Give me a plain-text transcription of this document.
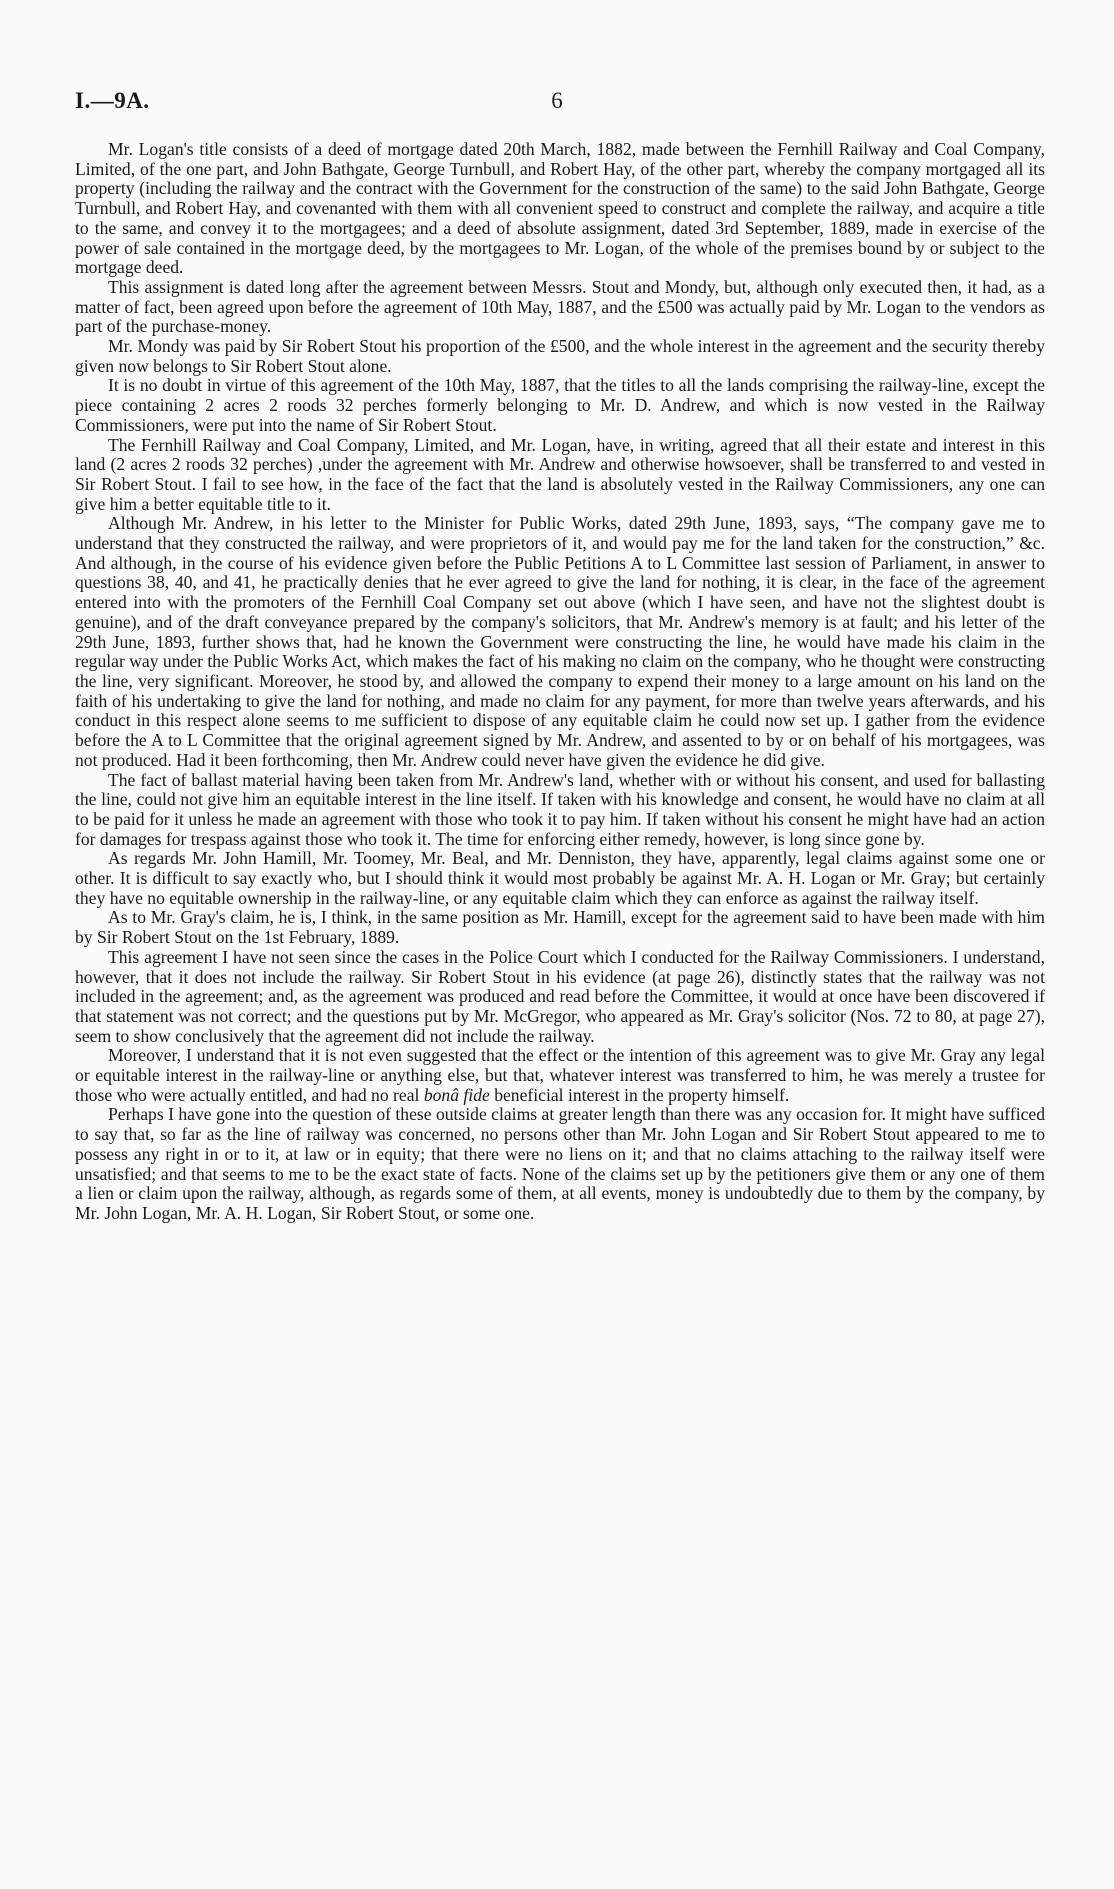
I.—9A.	6

Mr. Logan's title consists of a deed of mortgage dated 20th March, 1882, made between the Fernhill Railway and Coal Company, Limited, of the one part, and John Bathgate, George Turnbull, and Robert Hay, of the other part, whereby the company mortgaged all its property (including the railway and the contract with the Government for the construction of the same) to the said John Bathgate, George Turnbull, and Robert Hay, and covenanted with them with all convenient speed to construct and complete the railway, and acquire a title to the same, and convey it to the mortgagees; and a deed of absolute assignment, dated 3rd September, 1889, made in exercise of the power of sale contained in the mortgage deed, by the mortgagees to Mr. Logan, of the whole of the premises bound by or subject to the mortgage deed.

This assignment is dated long after the agreement between Messrs. Stout and Mondy, but, although only executed then, it had, as a matter of fact, been agreed upon before the agreement of 10th May, 1887, and the £500 was actually paid by Mr. Logan to the vendors as part of the purchase-money.

Mr. Mondy was paid by Sir Robert Stout his proportion of the £500, and the whole interest in the agreement and the security thereby given now belongs to Sir Robert Stout alone.

It is no doubt in virtue of this agreement of the 10th May, 1887, that the titles to all the lands comprising the railway-line, except the piece containing 2 acres 2 roods 32 perches formerly belonging to Mr. D. Andrew, and which is now vested in the Railway Commissioners, were put into the name of Sir Robert Stout.

The Fernhill Railway and Coal Company, Limited, and Mr. Logan, have, in writing, agreed that all their estate and interest in this land (2 acres 2 roods 32 perches) ,under the agreement with Mr. Andrew and otherwise howsoever, shall be transferred to and vested in Sir Robert Stout. I fail to see how, in the face of the fact that the land is absolutely vested in the Railway Commissioners, any one can give him a better equitable title to it.

Although Mr. Andrew, in his letter to the Minister for Public Works, dated 29th June, 1893, says, “The company gave me to understand that they constructed the railway, and were proprietors of it, and would pay me for the land taken for the construction,” &c. And although, in the course of his evidence given before the Public Petitions A to L Committee last session of Parliament, in answer to questions 38, 40, and 41, he practically denies that he ever agreed to give the land for nothing, it is clear, in the face of the agreement entered into with the promoters of the Fernhill Coal Company set out above (which I have seen, and have not the slightest doubt is genuine), and of the draft conveyance prepared by the company's solicitors, that Mr. Andrew's memory is at fault; and his letter of the 29th June, 1893, further shows that, had he known the Government were constructing the line, he would have made his claim in the regular way under the Public Works Act, which makes the fact of his making no claim on the company, who he thought were constructing the line, very significant. Moreover, he stood by, and allowed the company to expend their money to a large amount on his land on the faith of his undertaking to give the land for nothing, and made no claim for any payment, for more than twelve years afterwards, and his conduct in this respect alone seems to me sufficient to dispose of any equitable claim he could now set up. I gather from the evidence before the A to L Committee that the original agreement signed by Mr. Andrew, and assented to by or on behalf of his mortgagees, was not produced. Had it been forthcoming, then Mr. Andrew could never have given the evidence he did give.

The fact of ballast material having been taken from Mr. Andrew's land, whether with or without his consent, and used for ballasting the line, could not give him an equitable interest in the line itself. If taken with his knowledge and consent, he would have no claim at all to be paid for it unless he made an agreement with those who took it to pay him. If taken without his consent he might have had an action for damages for trespass against those who took it. The time for enforcing either remedy, however, is long since gone by.

As regards Mr. John Hamill, Mr. Toomey, Mr. Beal, and Mr. Denniston, they have, apparently, legal claims against some one or other. It is difficult to say exactly who, but I should think it would most probably be against Mr. A. H. Logan or Mr. Gray; but certainly they have no equitable ownership in the railway-line, or any equitable claim which they can enforce as against the railway itself.

As to Mr. Gray's claim, he is, I think, in the same position as Mr. Hamill, except for the agreement said to have been made with him by Sir Robert Stout on the 1st February, 1889.

This agreement I have not seen since the cases in the Police Court which I conducted for the Railway Commissioners. I understand, however, that it does not include the railway. Sir Robert Stout in his evidence (at page 26), distinctly states that the railway was not included in the agreement; and, as the agreement was produced and read before the Committee, it would at once have been discovered if that statement was not correct; and the questions put by Mr. McGregor, who appeared as Mr. Gray's solicitor (Nos. 72 to 80, at page 27), seem to show conclusively that the agreement did not include the railway.

Moreover, I understand that it is not even suggested that the effect or the intention of this agreement was to give Mr. Gray any legal or equitable interest in the railway-line or anything else, but that, whatever interest was transferred to him, he was merely a trustee for those who were actually entitled, and had no real bonâ fide beneficial interest in the property himself.

Perhaps I have gone into the question of these outside claims at greater length than there was any occasion for. It might have sufficed to say that, so far as the line of railway was concerned, no persons other than Mr. John Logan and Sir Robert Stout appeared to me to possess any right in or to it, at law or in equity; that there were no liens on it; and that no claims attaching to the railway itself were unsatisfied; and that seems to me to be the exact state of facts. None of the claims set up by the petitioners give them or any one of them a lien or claim upon the railway, although, as regards some of them, at all events, money is undoubtedly due to them by the company, by Mr. John Logan, Mr. A. H. Logan, Sir Robert Stout, or some one.
